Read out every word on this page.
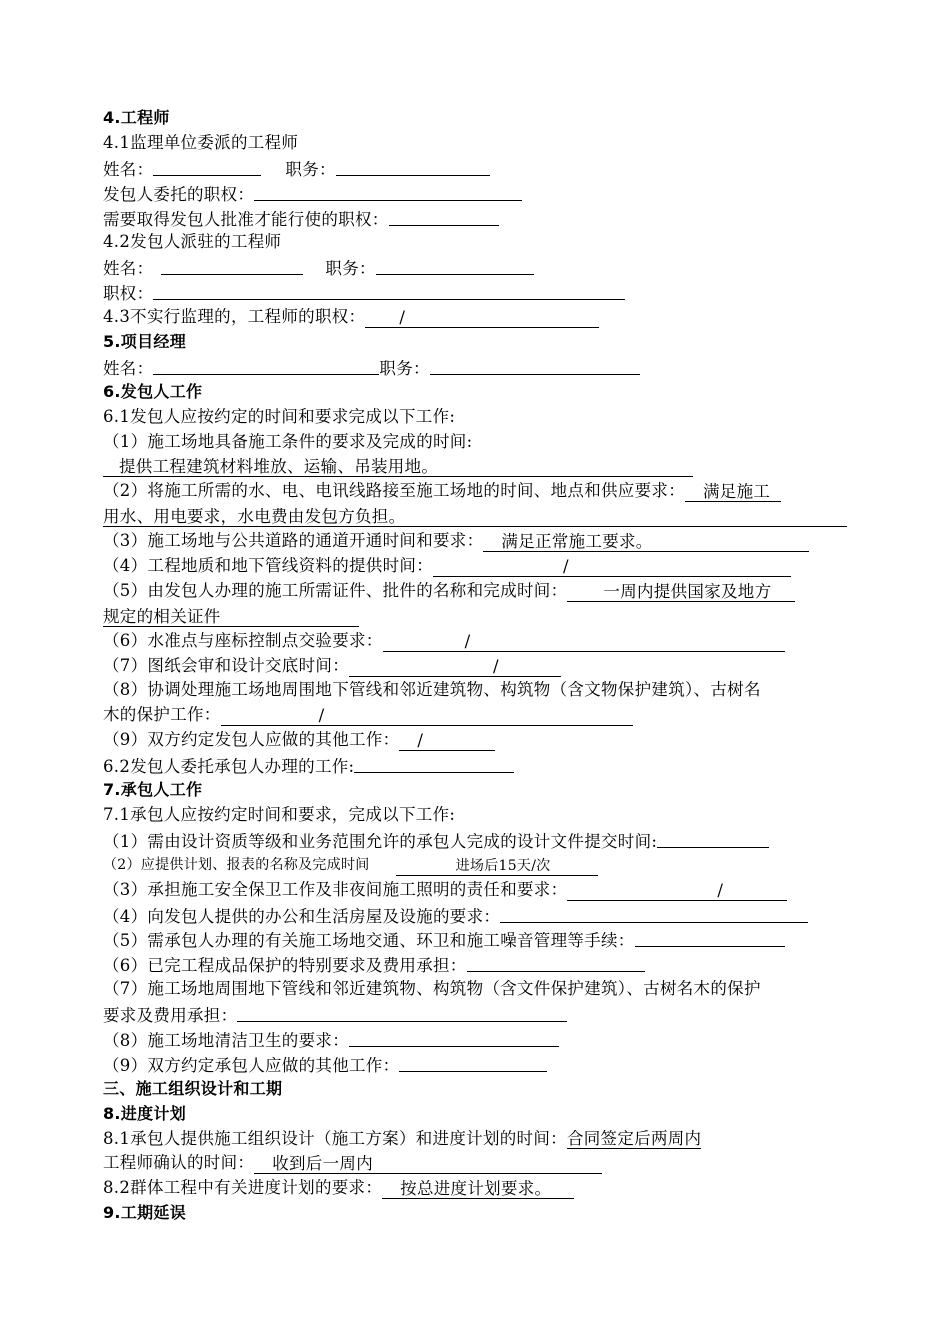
4.工程师
4.1监理单位委派的工程师
姓名：	职务：
发包人委托的职权：
需要取得发包人批准才能行使的职权：
4.2发包人派驻的工程师
姓名：	职务：
职权：
4.3不实行监理的，工程师的职权： /
5.项目经理
姓名：	职务：
6.发包人工作
6.1发包人应按约定的时间和要求完成以下工作:
（1）施工场地具备施工条件的要求及完成的时间:
提供工程建筑材料堆放、运输、吊装用地。
（2）将施工所需的水、电、电讯线路接至施工场地的时间、地点和供应要求： 满足施工
用水、用电要求，水电费由发包方负担。
（3）施工场地与公共道路的通道开通时间和要求： 满足正常施工要求。
（4）工程地质和地下管线资料的提供时间：	/
（5）由发包人办理的施工所需证件、批件的名称和完成时间： 一周内提供国家及地方
规定的相关证件
（6）水准点与座标控制点交验要求：	/
（7）图纸会审和设计交底时间：	/
（8）协调处理施工场地周围地下管线和邻近建筑物、构筑物（含文物保护建筑）、古树名
木的保护工作：	/
（9）双方约定发包人应做的其他工作： /
6.2发包人委托承包人办理的工作:
7.承包人工作
7.1承包人应按约定时间和要求，完成以下工作:
（1）需由设计资质等级和业务范围允许的承包人完成的设计文件提交时间:
（2）应提供计划、报表的名称及完成时间	进场后15天/次
（3）承担施工安全保卫工作及非夜间施工照明的责任和要求：	/
（4）向发包人提供的办公和生活房屋及设施的要求：
（5）需承包人办理的有关施工场地交通、环卫和施工噪音管理等手续：
（6）已完工程成品保护的特别要求及费用承担：
（7）施工场地周围地下管线和邻近建筑物、构筑物（含文件保护建筑）、古树名木的保护
要求及费用承担：
（8）施工场地清洁卫生的要求：
（9）双方约定承包人应做的其他工作：
三、施工组织设计和工期
8.进度计划
8.1承包人提供施工组织设计（施工方案）和进度计划的时间：合同签定后两周内
工程师确认的时间： 收到后一周内
8.2群体工程中有关进度计划的要求： 按总进度计划要求。
9.工期延误
